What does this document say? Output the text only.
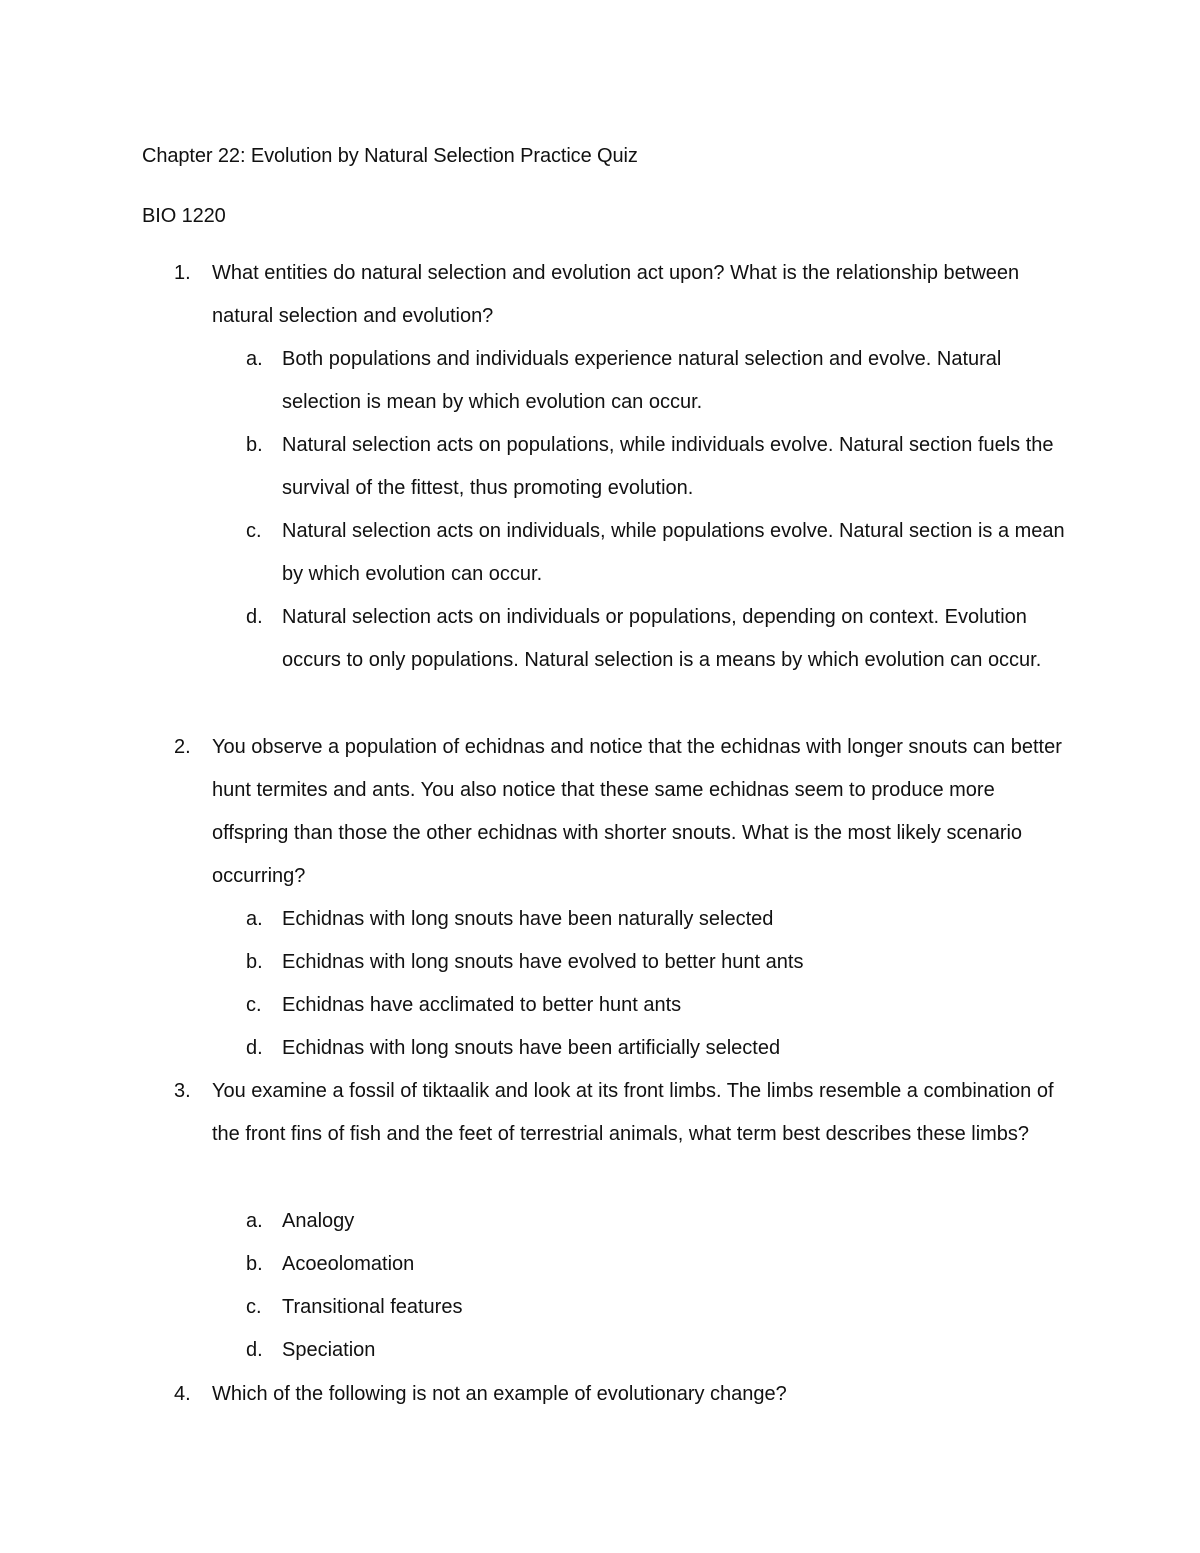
Chapter 22: Evolution by Natural Selection Practice Quiz
BIO 1220
1. What entities do natural selection and evolution act upon? What is the relationship between natural selection and evolution?
a. Both populations and individuals experience natural selection and evolve. Natural selection is mean by which evolution can occur.
b. Natural selection acts on populations, while individuals evolve. Natural section fuels the survival of the fittest, thus promoting evolution.
c. Natural selection acts on individuals, while populations evolve. Natural section is a mean by which evolution can occur.
d. Natural selection acts on individuals or populations, depending on context. Evolution occurs to only populations. Natural selection is a means by which evolution can occur.
2. You observe a population of echidnas and notice that the echidnas with longer snouts can better hunt termites and ants. You also notice that these same echidnas seem to produce more offspring than those the other echidnas with shorter snouts. What is the most likely scenario occurring?
a. Echidnas with long snouts have been naturally selected
b. Echidnas with long snouts have evolved to better hunt ants
c. Echidnas have acclimated to better hunt ants
d. Echidnas with long snouts have been artificially selected
3. You examine a fossil of tiktaalik and look at its front limbs. The limbs resemble a combination of the front fins of fish and the feet of terrestrial animals, what term best describes these limbs?
a. Analogy
b. Acoeolomation
c. Transitional features
d. Speciation
4. Which of the following is not an example of evolutionary change?
